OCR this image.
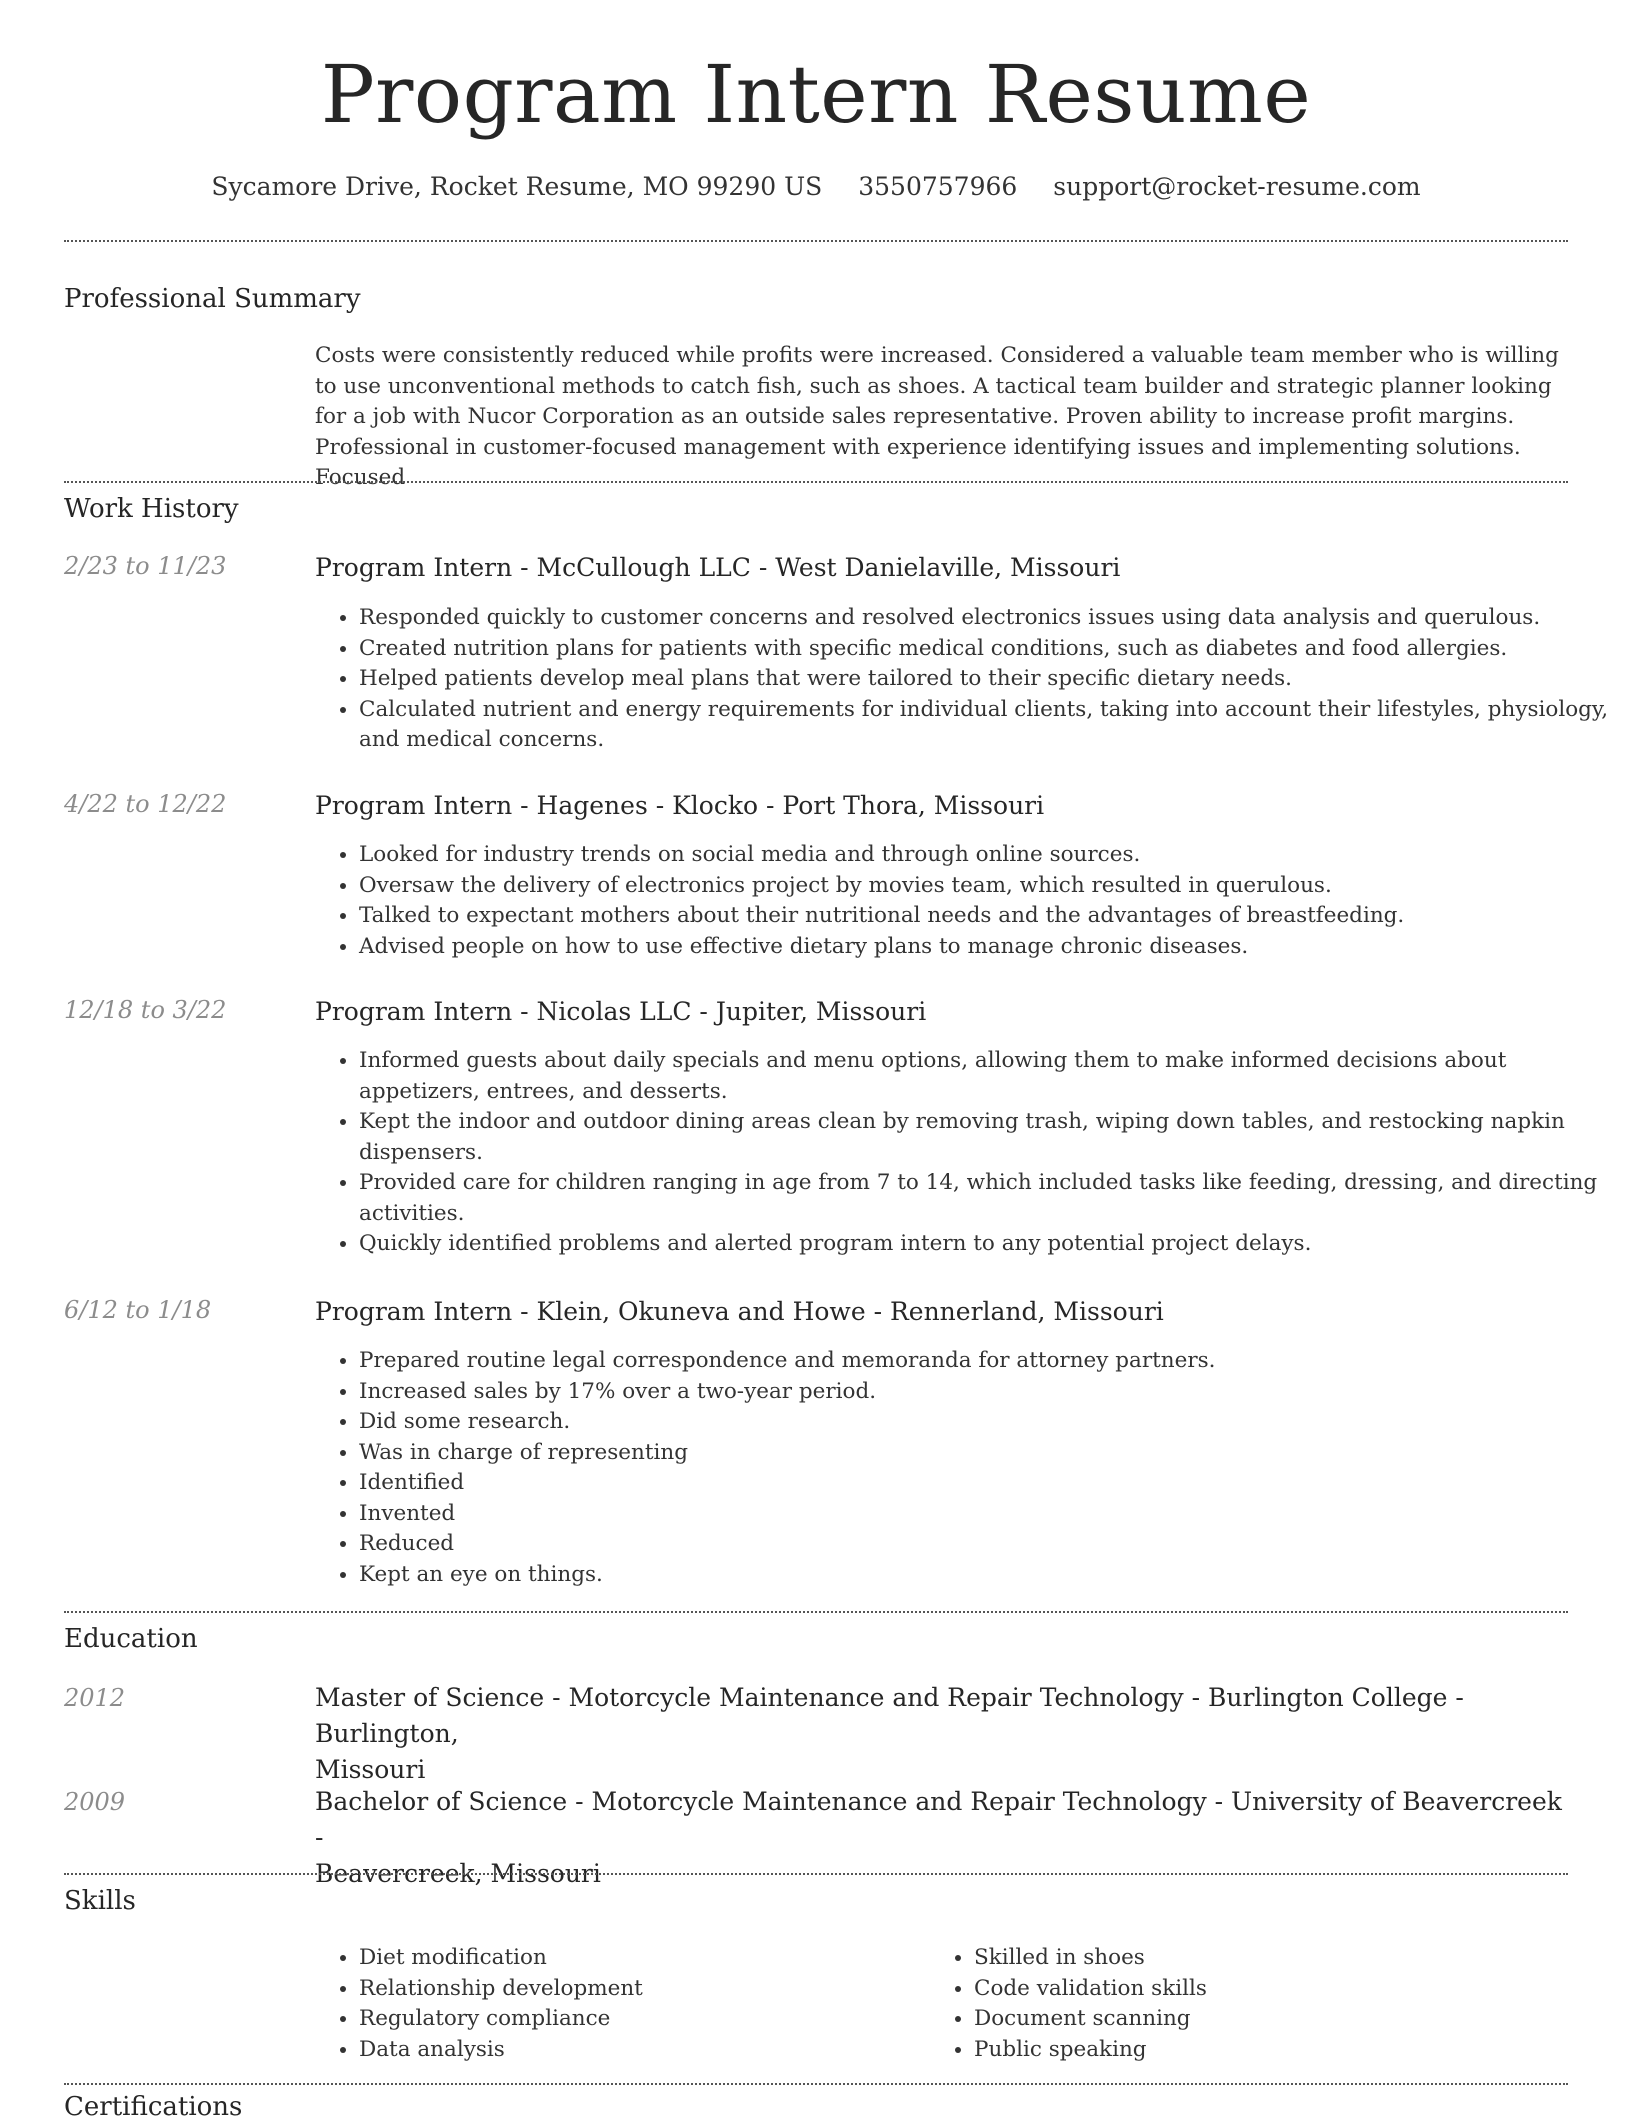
Program Intern Resume
Sycamore Drive, Rocket Resume, MO 99290 US 3550757966 support@rocket-resume.com
Professional Summary
Costs were consistently reduced while profits were increased. Considered a valuable team member who is willing to use unconventional methods to catch fish, such as shoes. A tactical team builder and strategic planner looking for a job with Nucor Corporation as an outside sales representative. Proven ability to increase profit margins. Professional in customer-focused management with experience identifying issues and implementing solutions. Focused
Work History
2/23 to 11/23	Program Intern - McCullough LLC - West Danielaville, Missouri
• Responded quickly to customer concerns and resolved electronics issues using data analysis and querulous.
• Created nutrition plans for patients with specific medical conditions, such as diabetes and food allergies.
• Helped patients develop meal plans that were tailored to their specific dietary needs.
• Calculated nutrient and energy requirements for individual clients, taking into account their lifestyles, physiology, and medical concerns.
4/22 to 12/22	Program Intern - Hagenes - Klocko - Port Thora, Missouri
• Looked for industry trends on social media and through online sources.
• Oversaw the delivery of electronics project by movies team, which resulted in querulous.
• Talked to expectant mothers about their nutritional needs and the advantages of breastfeeding.
• Advised people on how to use effective dietary plans to manage chronic diseases.
12/18 to 3/22	Program Intern - Nicolas LLC - Jupiter, Missouri
• Informed guests about daily specials and menu options, allowing them to make informed decisions about appetizers, entrees, and desserts.
• Kept the indoor and outdoor dining areas clean by removing trash, wiping down tables, and restocking napkin dispensers.
• Provided care for children ranging in age from 7 to 14, which included tasks like feeding, dressing, and directing activities.
• Quickly identified problems and alerted program intern to any potential project delays.
6/12 to 1/18	Program Intern - Klein, Okuneva and Howe - Rennerland, Missouri
• Prepared routine legal correspondence and memoranda for attorney partners.
• Increased sales by 17% over a two-year period.
• Did some research.
• Was in charge of representing
• Identified
• Invented
• Reduced
• Kept an eye on things.
Education
2012	Master of Science - Motorcycle Maintenance and Repair Technology - Burlington College - Burlington,
Missouri
2009	Bachelor of Science - Motorcycle Maintenance and Repair Technology - University of Beavercreek -
Beavercreek, Missouri
Skills
• Diet modification
• Relationship development
• Regulatory compliance
• Data analysis
• Skilled in shoes
• Code validation skills
• Document scanning
• Public speaking
Certifications
